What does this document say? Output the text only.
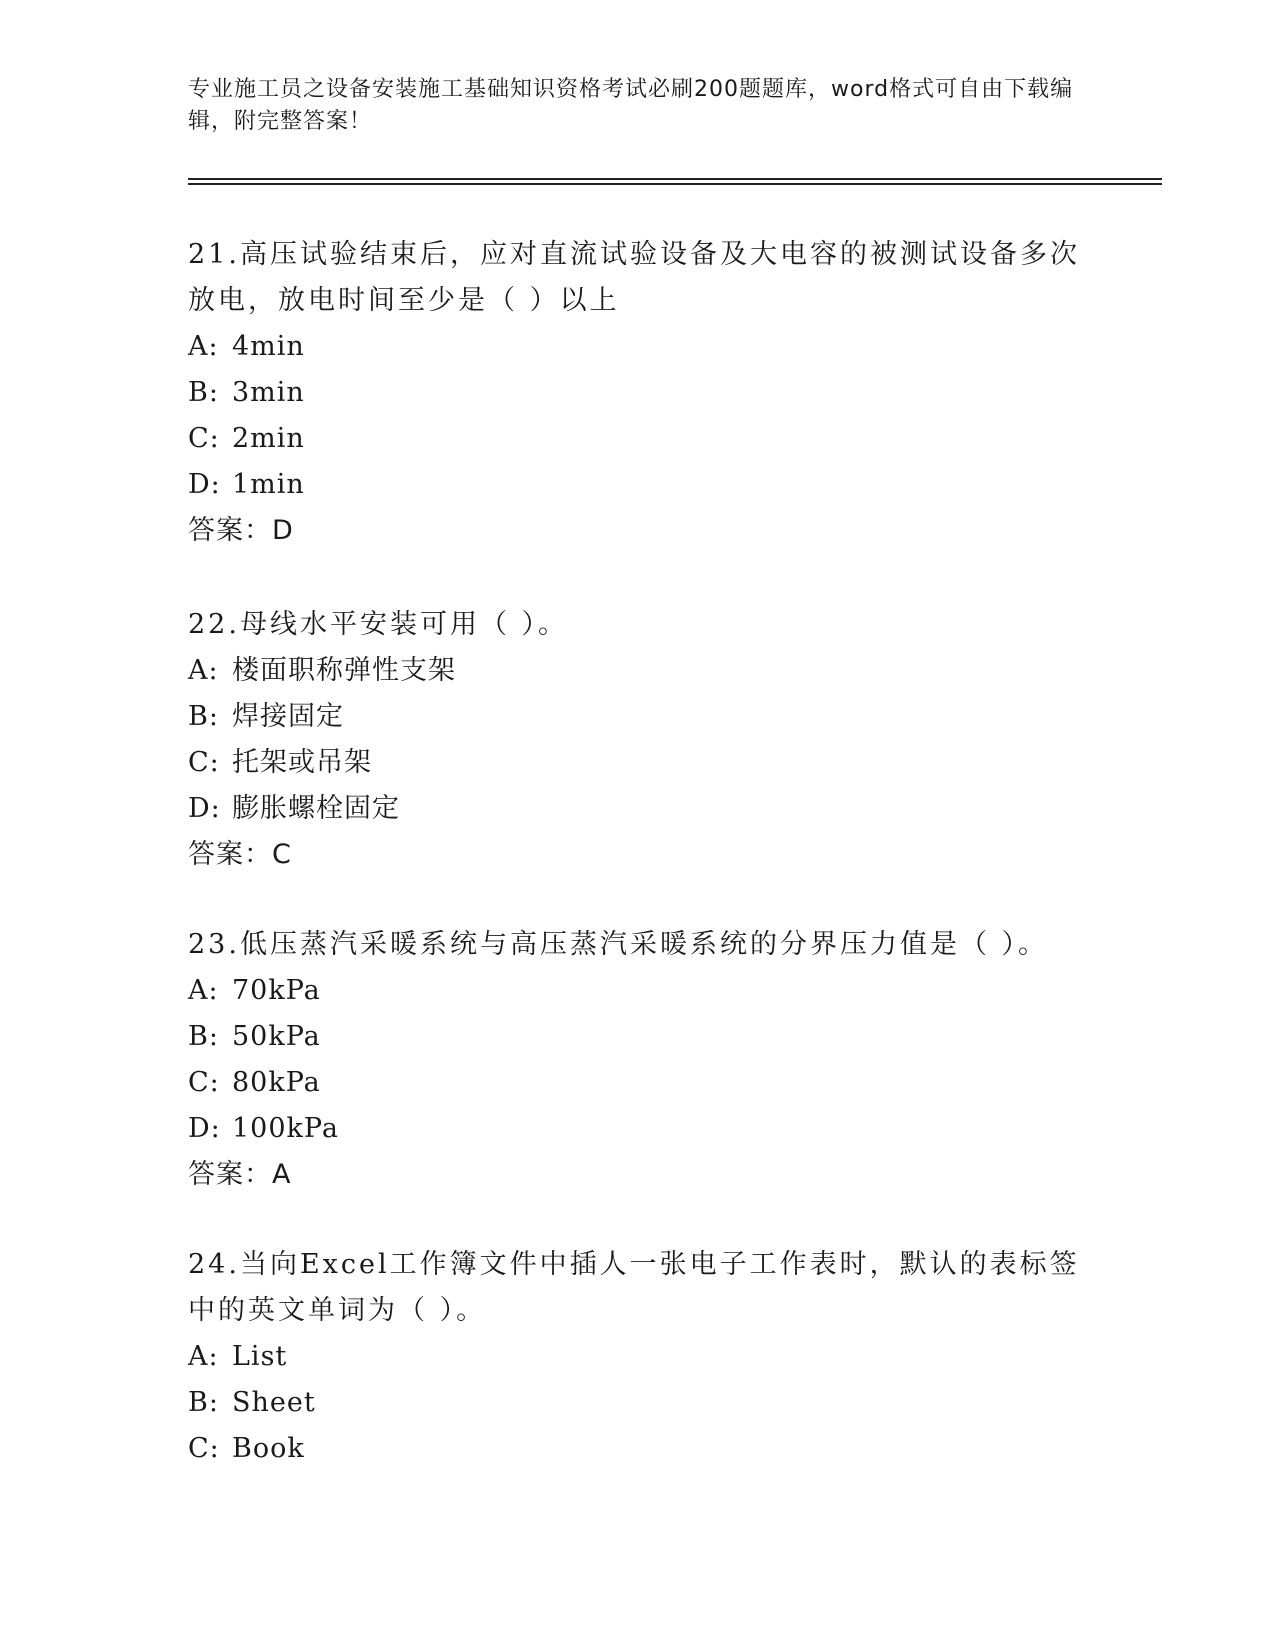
专业施工员之设备安装施工基础知识资格考试必刷200题题库，word格式可自由下载编辑，附完整答案！

21.高压试验结束后，应对直流试验设备及大电容的被测试设备多次放电，放电时间至少是（ ）以上

A: 4min

B: 3min

C: 2min

D: 1min

答案：D

22.母线水平安装可用（ ）。

A: 楼面职称弹性支架

B: 焊接固定

C: 托架或吊架

D: 膨胀螺栓固定

答案：C

23.低压蒸汽采暖系统与高压蒸汽采暖系统的分界压力值是（ ）。

A: 70kPa

B: 50kPa

C: 80kPa

D: 100kPa

答案：A

24.当向Excel工作簿文件中插人一张电子工作表时，默认的表标签中的英文单词为（ ）。

A: List

B: Sheet

C: Book
